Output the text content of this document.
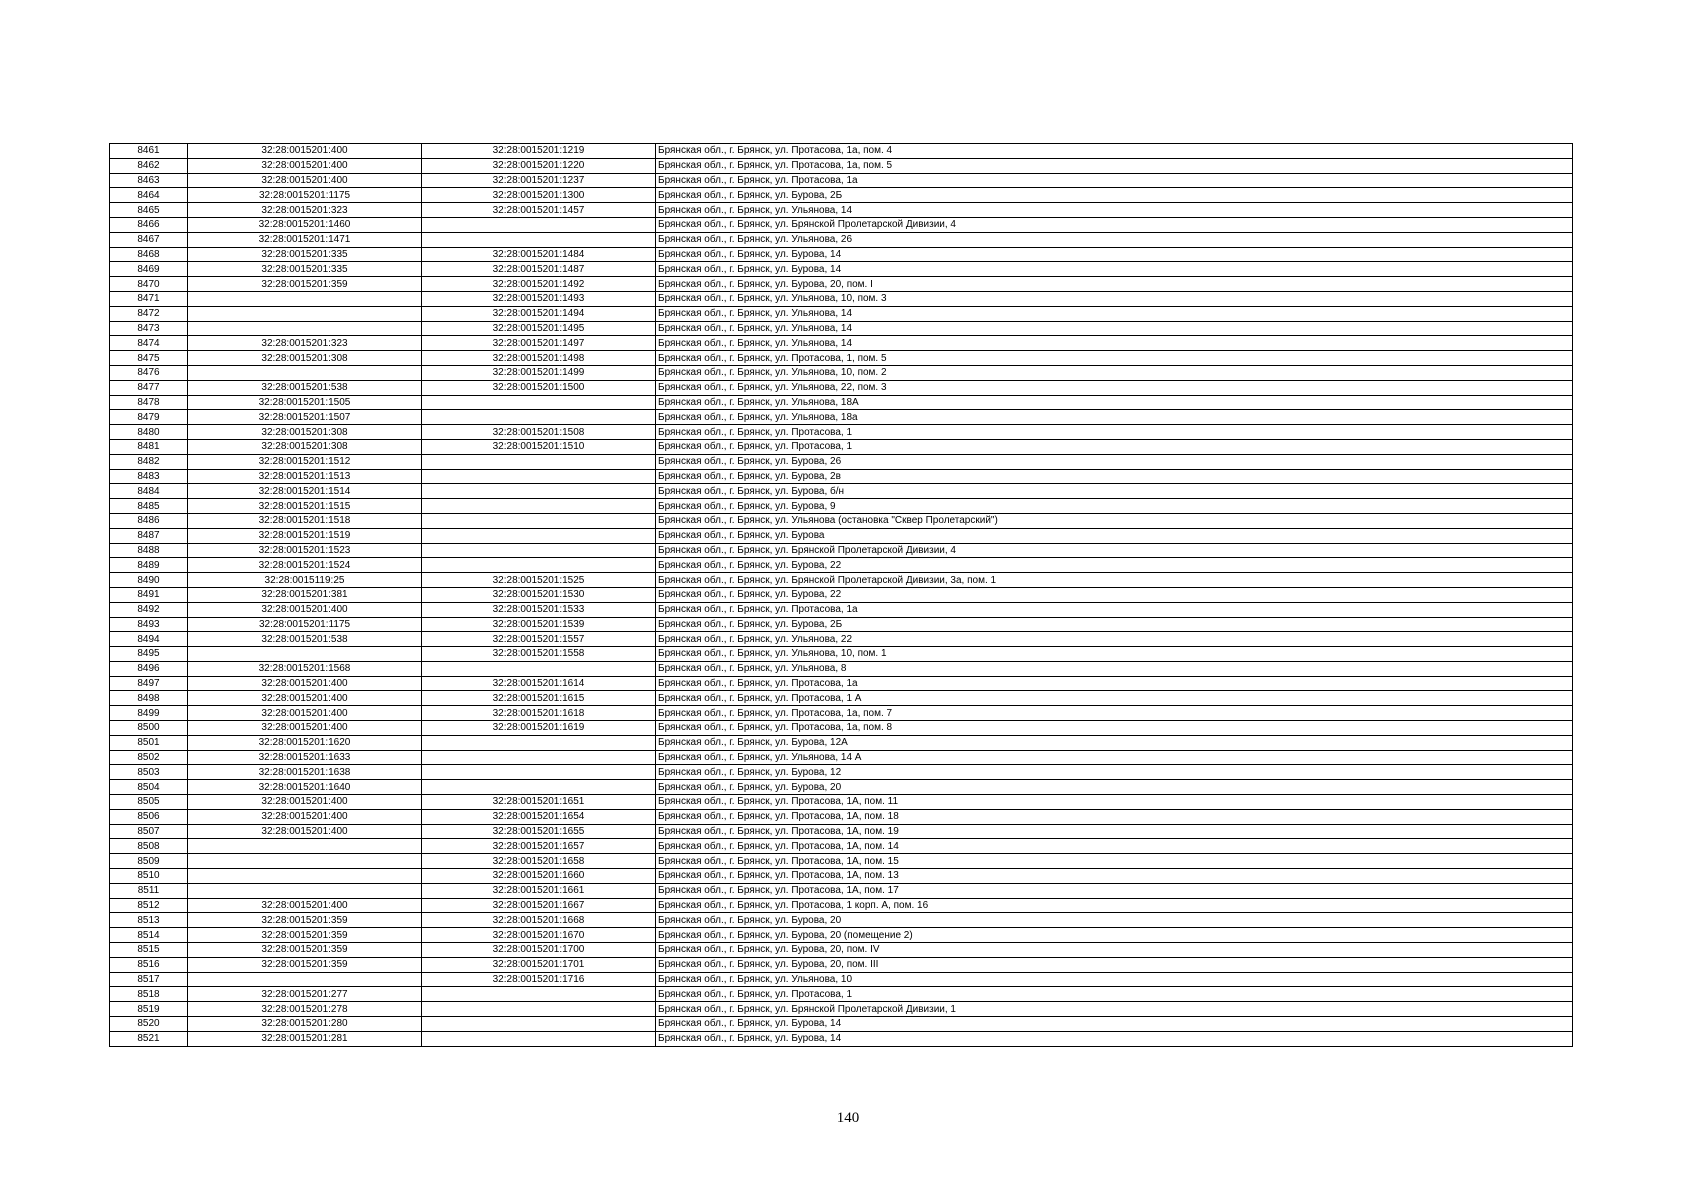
8461	32:28:0015201:400	32:28:0015201:1219	Брянская обл., г. Брянск, ул. Протасова, 1а, пом. 4
8462	32:28:0015201:400	32:28:0015201:1220	Брянская обл., г. Брянск, ул. Протасова, 1а, пом. 5
8463	32:28:0015201:400	32:28:0015201:1237	Брянская обл., г. Брянск, ул. Протасова, 1а
8464	32:28:0015201:1175	32:28:0015201:1300	Брянская обл., г. Брянск, ул. Бурова, 2Б
8465	32:28:0015201:323	32:28:0015201:1457	Брянская обл., г. Брянск, ул. Ульянова, 14
8466	32:28:0015201:1460		Брянская обл., г. Брянск, ул. Брянской Пролетарской Дивизии, 4
8467	32:28:0015201:1471		Брянская обл., г. Брянск, ул. Ульянова, 26
8468	32:28:0015201:335	32:28:0015201:1484	Брянская обл., г. Брянск, ул. Бурова, 14
8469	32:28:0015201:335	32:28:0015201:1487	Брянская обл., г. Брянск, ул. Бурова, 14
8470	32:28:0015201:359	32:28:0015201:1492	Брянская обл., г. Брянск, ул. Бурова, 20, пом. I
8471		32:28:0015201:1493	Брянская обл., г. Брянск, ул. Ульянова, 10, пом. 3
8472		32:28:0015201:1494	Брянская обл., г. Брянск, ул. Ульянова, 14
8473		32:28:0015201:1495	Брянская обл., г. Брянск, ул. Ульянова, 14
8474	32:28:0015201:323	32:28:0015201:1497	Брянская обл., г. Брянск, ул. Ульянова, 14
8475	32:28:0015201:308	32:28:0015201:1498	Брянская обл., г. Брянск, ул. Протасова, 1, пом. 5
8476		32:28:0015201:1499	Брянская обл., г. Брянск, ул. Ульянова, 10, пом. 2
8477	32:28:0015201:538	32:28:0015201:1500	Брянская обл., г. Брянск, ул. Ульянова, 22, пом. 3
8478	32:28:0015201:1505		Брянская обл., г. Брянск, ул. Ульянова, 18А
8479	32:28:0015201:1507		Брянская обл., г. Брянск, ул. Ульянова, 18а
8480	32:28:0015201:308	32:28:0015201:1508	Брянская обл., г. Брянск, ул. Протасова, 1
8481	32:28:0015201:308	32:28:0015201:1510	Брянская обл., г. Брянск, ул. Протасова, 1
8482	32:28:0015201:1512		Брянская обл., г. Брянск, ул. Бурова, 26
8483	32:28:0015201:1513		Брянская обл., г. Брянск, ул. Бурова, 2в
8484	32:28:0015201:1514		Брянская обл., г. Брянск, ул. Бурова, б/н
8485	32:28:0015201:1515		Брянская обл., г. Брянск, ул. Бурова, 9
8486	32:28:0015201:1518		Брянская обл., г. Брянск, ул. Ульянова (остановка "Сквер Пролетарский")
8487	32:28:0015201:1519		Брянская обл., г. Брянск, ул. Бурова
8488	32:28:0015201:1523		Брянская обл., г. Брянск, ул. Брянской Пролетарской Дивизии, 4
8489	32:28:0015201:1524		Брянская обл., г. Брянск, ул. Бурова, 22
8490	32:28:0015119:25	32:28:0015201:1525	Брянская обл., г. Брянск, ул. Брянской Пролетарской Дивизии, 3а, пом. 1
8491	32:28:0015201:381	32:28:0015201:1530	Брянская обл., г. Брянск, ул. Бурова, 22
8492	32:28:0015201:400	32:28:0015201:1533	Брянская обл., г. Брянск, ул. Протасова, 1а
8493	32:28:0015201:1175	32:28:0015201:1539	Брянская обл., г. Брянск, ул. Бурова, 2Б
8494	32:28:0015201:538	32:28:0015201:1557	Брянская обл., г. Брянск, ул. Ульянова, 22
8495		32:28:0015201:1558	Брянская обл., г. Брянск, ул. Ульянова, 10, пом. 1
8496	32:28:0015201:1568		Брянская обл., г. Брянск, ул. Ульянова, 8
8497	32:28:0015201:400	32:28:0015201:1614	Брянская обл., г. Брянск, ул. Протасова, 1а
8498	32:28:0015201:400	32:28:0015201:1615	Брянская обл., г. Брянск, ул. Протасова, 1 А
8499	32:28:0015201:400	32:28:0015201:1618	Брянская обл., г. Брянск, ул. Протасова, 1а, пом. 7
8500	32:28:0015201:400	32:28:0015201:1619	Брянская обл., г. Брянск, ул. Протасова, 1а, пом. 8
8501	32:28:0015201:1620		Брянская обл., г. Брянск, ул. Бурова, 12А
8502	32:28:0015201:1633		Брянская обл., г. Брянск, ул. Ульянова, 14 А
8503	32:28:0015201:1638		Брянская обл., г. Брянск, ул. Бурова, 12
8504	32:28:0015201:1640		Брянская обл., г. Брянск, ул. Бурова, 20
8505	32:28:0015201:400	32:28:0015201:1651	Брянская обл., г. Брянск, ул. Протасова, 1А, пом. 11
8506	32:28:0015201:400	32:28:0015201:1654	Брянская обл., г. Брянск, ул. Протасова, 1А, пом. 18
8507	32:28:0015201:400	32:28:0015201:1655	Брянская обл., г. Брянск, ул. Протасова, 1А, пом. 19
8508		32:28:0015201:1657	Брянская обл., г. Брянск, ул. Протасова, 1А, пом. 14
8509		32:28:0015201:1658	Брянская обл., г. Брянск, ул. Протасова, 1А, пом. 15
8510		32:28:0015201:1660	Брянская обл., г. Брянск, ул. Протасова, 1А, пом. 13
8511		32:28:0015201:1661	Брянская обл., г. Брянск, ул. Протасова, 1А, пом. 17
8512	32:28:0015201:400	32:28:0015201:1667	Брянская обл., г. Брянск, ул. Протасова, 1 корп. А, пом. 16
8513	32:28:0015201:359	32:28:0015201:1668	Брянская обл., г. Брянск, ул. Бурова, 20
8514	32:28:0015201:359	32:28:0015201:1670	Брянская обл., г. Брянск, ул. Бурова, 20 (помещение 2)
8515	32:28:0015201:359	32:28:0015201:1700	Брянская обл., г. Брянск, ул. Бурова, 20, пом. IV
8516	32:28:0015201:359	32:28:0015201:1701	Брянская обл., г. Брянск, ул. Бурова, 20, пом. III
8517		32:28:0015201:1716	Брянская обл., г. Брянск, ул. Ульянова, 10
8518	32:28:0015201:277		Брянская обл., г. Брянск, ул. Протасова, 1
8519	32:28:0015201:278		Брянская обл., г. Брянск, ул. Брянской Пролетарской Дивизии, 1
8520	32:28:0015201:280		Брянская обл., г. Брянск, ул. Бурова, 14
8521	32:28:0015201:281		Брянская обл., г. Брянск, ул. Бурова, 14
140
